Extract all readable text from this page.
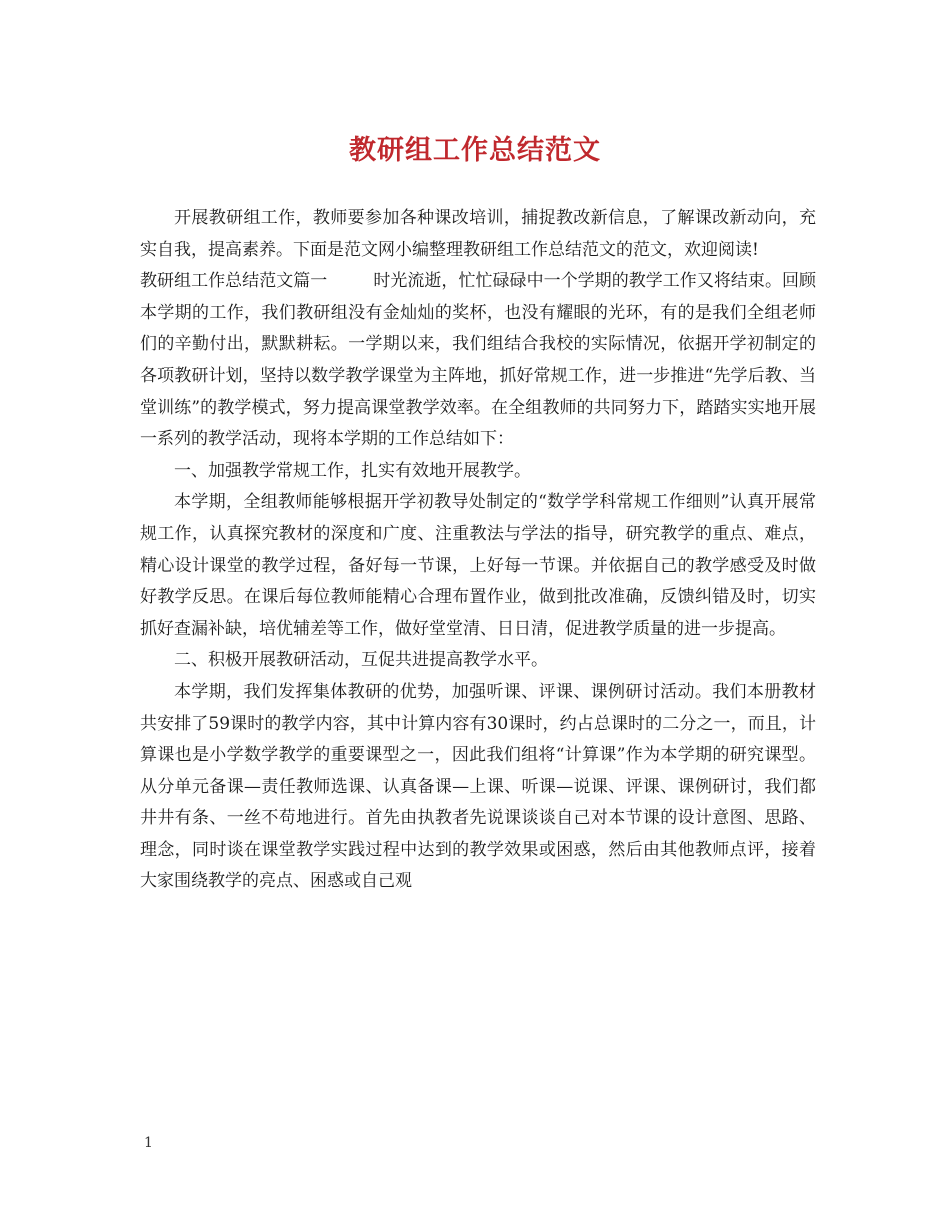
教研组工作总结范文

开展教研组工作，教师要参加各种课改培训，捕捉教改新信息，了解课改新动向，充实自我，提高素养。下面是范文网小编整理教研组工作总结范文的范文，欢迎阅读!

教研组工作总结范文篇一	时光流逝，忙忙碌碌中一个学期的教学工作又将结束。回顾本学期的工作，我们教研组没有金灿灿的奖杯，也没有耀眼的光环，有的是我们全组老师们的辛勤付出，默默耕耘。一学期以来，我们组结合我校的实际情况，依据开学初制定的各项教研计划，坚持以数学教学课堂为主阵地，抓好常规工作，进一步推进“先学后教、当堂训练”的教学模式，努力提高课堂教学效率。在全组教师的共同努力下，踏踏实实地开展一系列的教学活动，现将本学期的工作总结如下：

一、加强教学常规工作，扎实有效地开展教学。

本学期，全组教师能够根据开学初教导处制定的“数学学科常规工作细则”认真开展常规工作，认真探究教材的深度和广度、注重教法与学法的指导，研究教学的重点、难点，精心设计课堂的教学过程，备好每一节课，上好每一节课。并依据自己的教学感受及时做好教学反思。在课后每位教师能精心合理布置作业，做到批改准确，反馈纠错及时，切实抓好查漏补缺，培优辅差等工作，做好堂堂清、日日清，促进教学质量的进一步提高。

二、积极开展教研活动，互促共进提高教学水平。

本学期，我们发挥集体教研的优势，加强听课、评课、课例研讨活动。我们本册教材共安排了59课时的教学内容，其中计算内容有30课时，约占总课时的二分之一，而且，计算课也是小学数学教学的重要课型之一，因此我们组将“计算课”作为本学期的研究课型。从分单元备课—责任教师选课、认真备课—上课、听课—说课、评课、课例研讨，我们都井井有条、一丝不苟地进行。首先由执教者先说课谈谈自己对本节课的设计意图、思路、理念，同时谈在课堂教学实践过程中达到的教学效果或困惑，然后由其他教师点评，接着大家围绕教学的亮点、困惑或自己观

1
